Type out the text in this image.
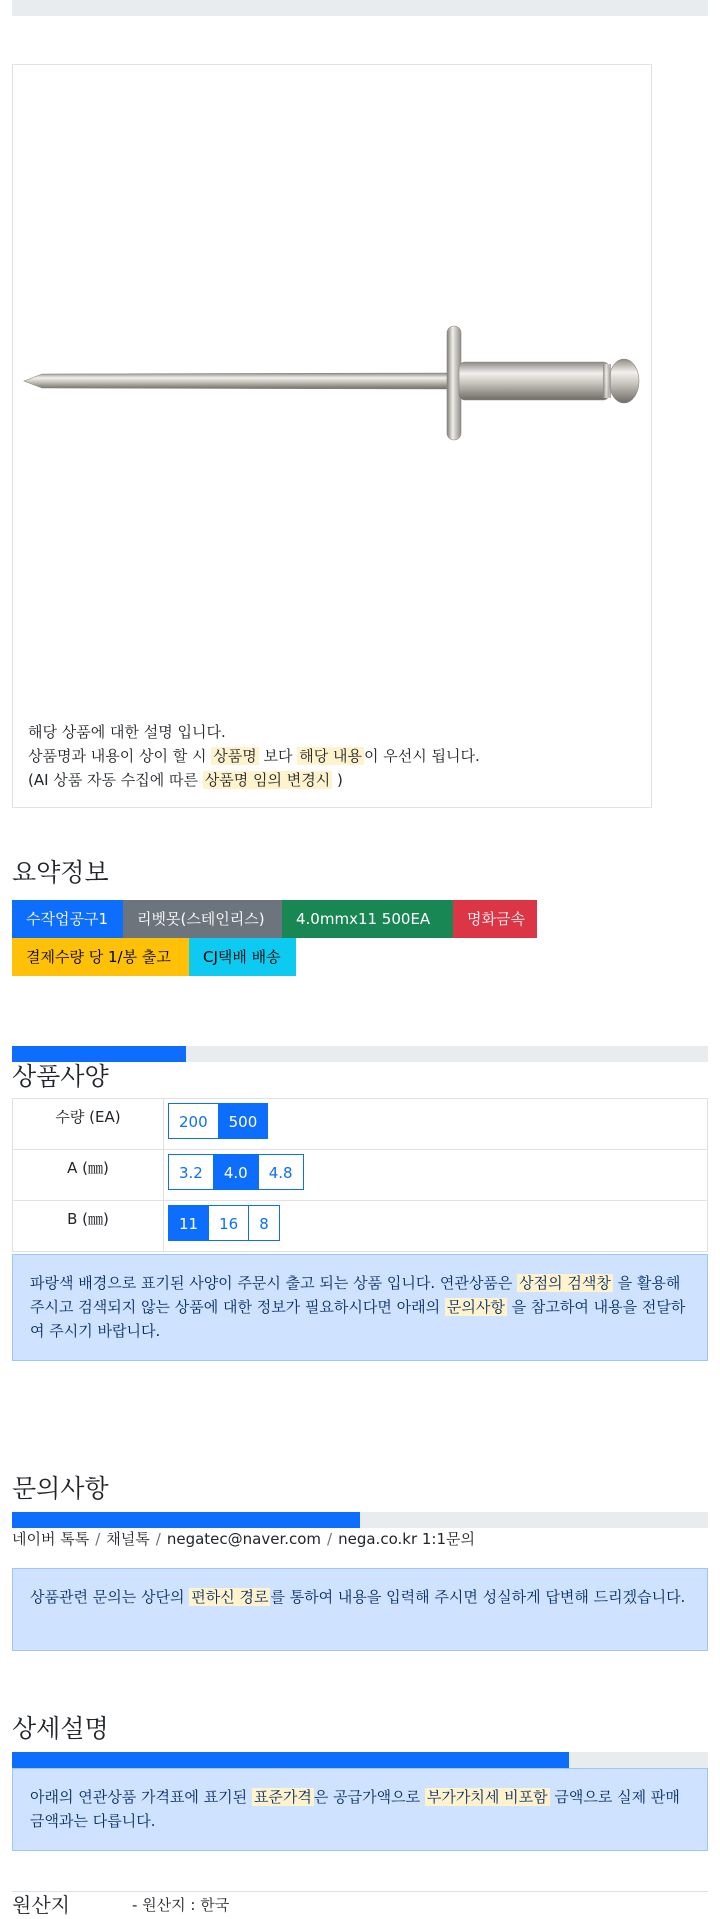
해당 상품에 대한 설명 입니다.
상품명과 내용이 상이 할 시 상품명 보다 해당 내용 이 우선시 됩니다.
(AI 상품 자동 수집에 따른 상품명 임의 변경시 )
요약정보
수작업공구1	리벳못(스테인리스)	4.0mmx11 500EA	명화금속
결제수량 당 1/봉 출고	CJ택배 배송
상품사양
수량 (EA)	200 500
A (㎜)	3.2 4.0 4.8
B (㎜)	11 16 8
파랑색 배경으로 표기된 사양이 주문시 출고 되는 상품 입니다. 연관상품은 상점의 검색창 을 활용해 주시고 검색되지 않는 상품에 대한 정보가 필요하시다면 아래의 문의사항 을 참고하여 내용을 전달하여 주시기 바랍니다.
문의사항
네이버 톡톡 / 채널톡 / negatec@naver.com / nega.co.kr 1:1문의
상품관련 문의는 상단의 편하신 경로 를 통하여 내용을 입력해 주시면 성실하게 답변해 드리겠습니다.
상세설명
아래의 연관상품 가격표에 표기된 표준가격 은 공급가액으로 부가가치세 비포함 금액으로 실제 판매금액과는 다릅니다.
원산지	- 원산지 : 한국
